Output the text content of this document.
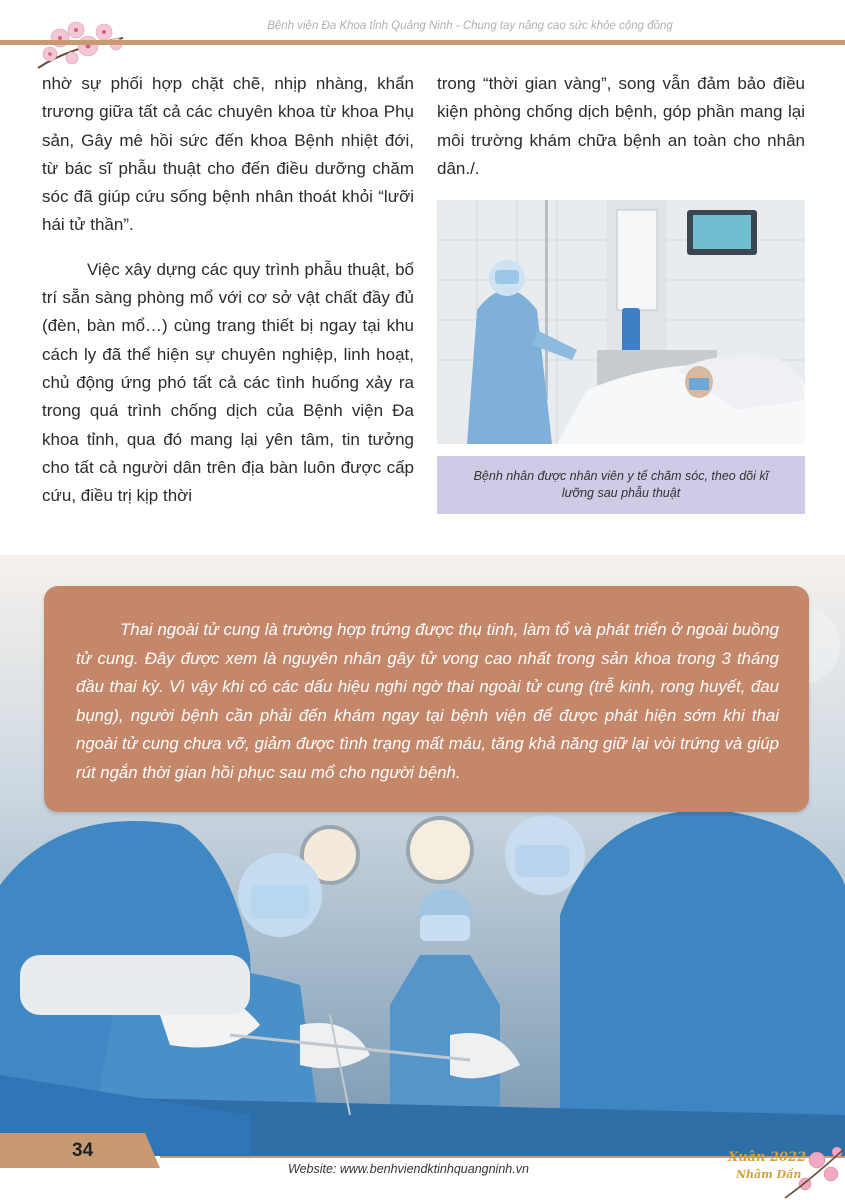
Bệnh viện Đa Khoa tỉnh Quảng Ninh - Chung tay nâng cao sức khỏe cộng đồng

nhờ sự phối hợp chặt chẽ, nhịp nhàng, khẩn trương giữa tất cả các chuyên khoa từ khoa Phụ sản, Gây mê hồi sức đến khoa Bệnh nhiệt đới, từ bác sĩ phẫu thuật cho đến điều dưỡng chăm sóc đã giúp cứu sống bệnh nhân thoát khỏi “lưỡi hái tử thần”.

Việc xây dựng các quy trình phẫu thuật, bố trí sẵn sàng phòng mổ với cơ sở vật chất đầy đủ (đèn, bàn mổ…) cùng trang thiết bị ngay tại khu cách ly đã thể hiện sự chuyên nghiệp, linh hoạt, chủ động ứng phó tất cả các tình huống xảy ra trong quá trình chống dịch của Bệnh viện Đa khoa tỉnh, qua đó mang lại yên tâm, tin tưởng cho tất cả người dân trên địa bàn luôn được cấp cứu, điều trị kịp thời

trong “thời gian vàng”, song vẫn đảm bảo điều kiện phòng chống dịch bệnh, góp phần mang lại môi trường khám chữa bệnh an toàn cho nhân dân./.

Bệnh nhân được nhân viên y tế chăm sóc, theo dõi kĩ lưỡng sau phẫu thuật

Thai ngoài tử cung là trường hợp trứng được thụ tinh, làm tổ và phát triển ở ngoài buồng tử cung. Đây được xem là nguyên nhân gây tử vong cao nhất trong sản khoa trong 3 tháng đầu thai kỳ. Vì vậy khi có các dấu hiệu nghi ngờ thai ngoài tử cung (trễ kinh, rong huyết, đau bụng), người bệnh cần phải đến khám ngay tại bệnh viện để được phát hiện sớm khi thai ngoài tử cung chưa vỡ, giảm được tình trạng mất máu, tăng khả năng giữ lại vòi trứng và giúp rút ngắn thời gian hồi phục sau mổ cho người bệnh.

34
Website: www.benhviendktinhquangninh.vn
Xuân 2022
Nhâm Dần
